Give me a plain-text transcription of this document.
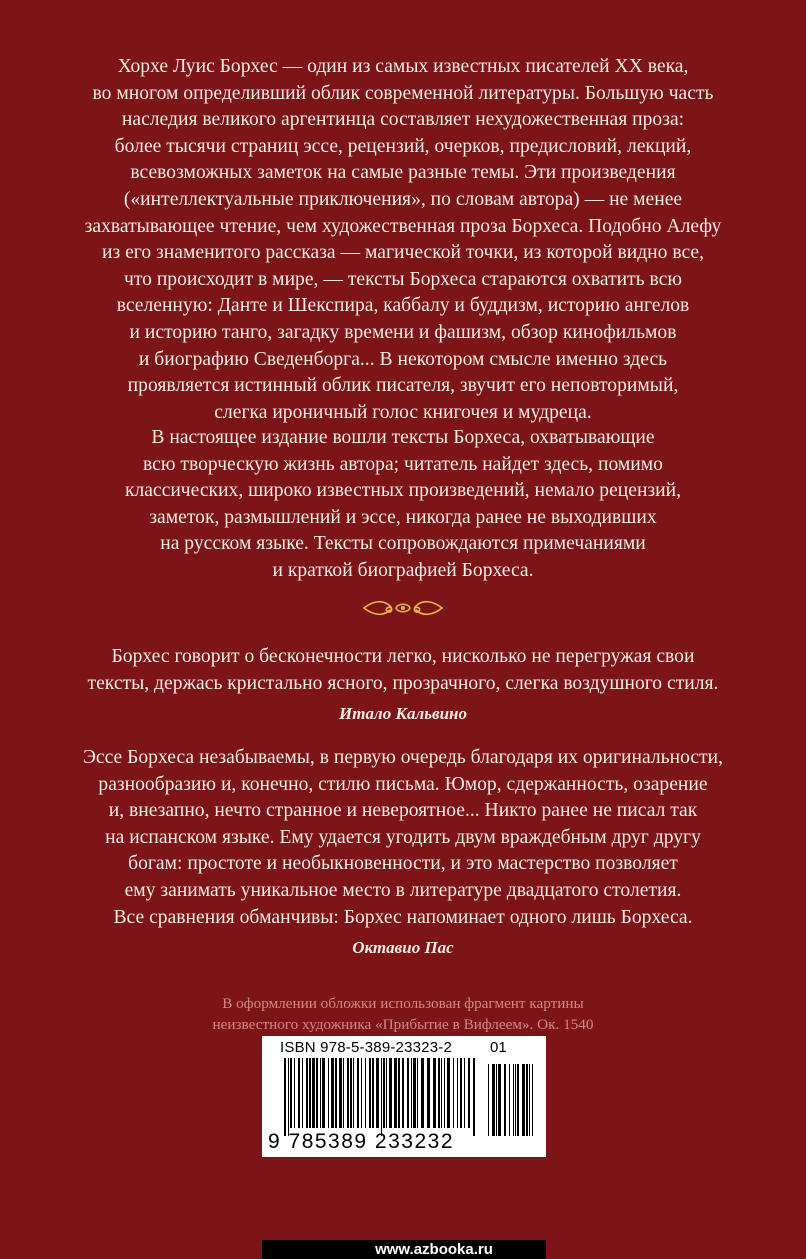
Хорхе Луис Борхес — один из самых известных писателей XX века,
во многом определивший облик современной литературы. Большую часть
наследия великого аргентинца составляет нехудожественная проза:
более тысячи страниц эссе, рецензий, очерков, предисловий, лекций,
всевозможных заметок на самые разные темы. Эти произведения
(«интеллектуальные приключения», по словам автора) — не менее
захватывающее чтение, чем художественная проза Борхеса. Подобно Алефу
из его знаменитого рассказа — магической точки, из которой видно все,
что происходит в мире, — тексты Борхеса стараются охватить всю
вселенную: Данте и Шекспира, каббалу и буддизм, историю ангелов
и историю танго, загадку времени и фашизм, обзор кинофильмов
и биографию Сведенборга... В некотором смысле именно здесь
проявляется истинный облик писателя, звучит его неповторимый,
слегка ироничный голос книгочея и мудреца.
В настоящее издание вошли тексты Борхеса, охватывающие
всю творческую жизнь автора; читатель найдет здесь, помимо
классических, широко известных произведений, немало рецензий,
заметок, размышлений и эссе, никогда ранее не выходивших
на русском языке. Тексты сопровождаются примечаниями
и краткой биографией Борхеса.
Борхес говорит о бесконечности легко, нисколько не перегружая свои
тексты, держась кристально ясного, прозрачного, слегка воздушного стиля.
Итало Кальвино
Эссе Борхеса незабываемы, в первую очередь благодаря их оригинальности,
разнообразию и, конечно, стилю письма. Юмор, сдержанность, озарение
и, внезапно, нечто странное и невероятное... Никто ранее не писал так
на испанском языке. Ему удается угодить двум враждебным друг другу
богам: простоте и необыкновенности, и это мастерство позволяет
ему занимать уникальное место в литературе двадцатого столетия.
Все сравнения обманчивы: Борхес напоминает одного лишь Борхеса.
Октавио Пас
В оформлении обложки использован фрагмент картины
неизвестного художника «Прибытие в Вифлеем». Ок. 1540
ISBN 978-5-389-23323-2	01
9 785389 233232
www.azbooka.ru
